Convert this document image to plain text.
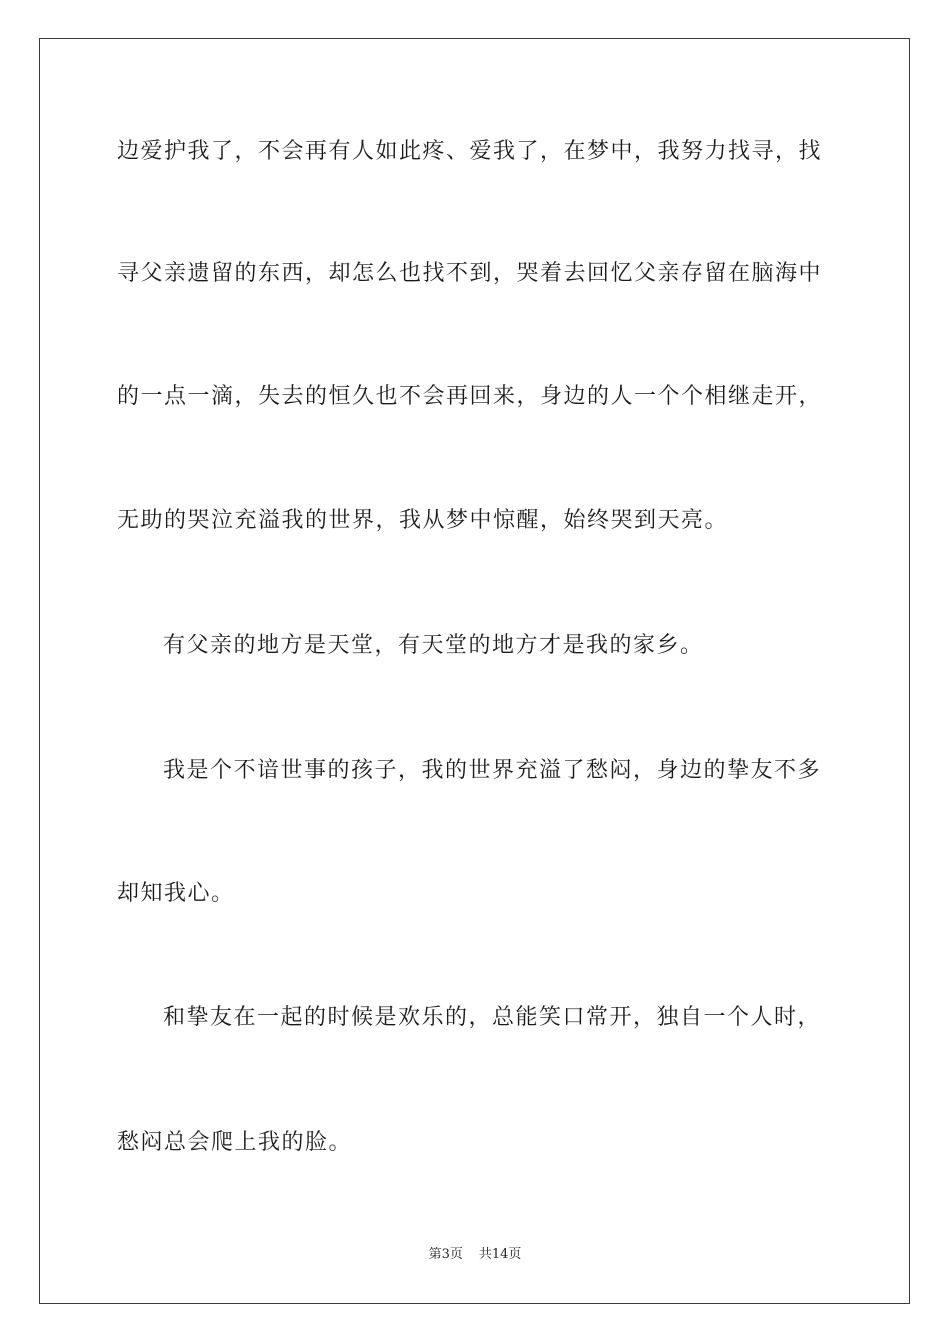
边爱护我了，不会再有人如此疼、爱我了，在梦中，我努力找寻，找
寻父亲遗留的东西，却怎么也找不到，哭着去回忆父亲存留在脑海中
的一点一滴，失去的恒久也不会再回来，身边的人一个个相继走开，
无助的哭泣充溢我的世界，我从梦中惊醒，始终哭到天亮。
有父亲的地方是天堂，有天堂的地方才是我的家乡。
我是个不谙世事的孩子，我的世界充溢了愁闷，身边的挚友不多
却知我心。
和挚友在一起的时候是欢乐的，总能笑口常开，独自一个人时，
愁闷总会爬上我的脸。
第3页 共14页
